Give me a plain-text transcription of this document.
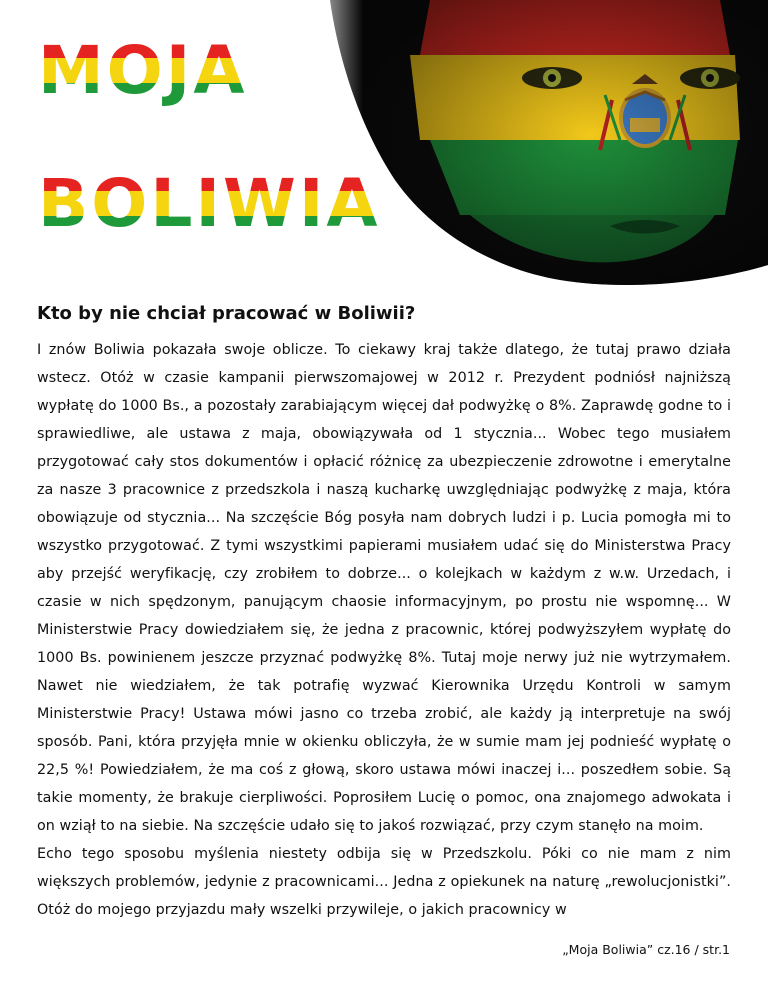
MOJA
BOLIWIA
Kto by nie chciał pracować w Boliwii?

I znów Boliwia pokazała swoje oblicze. To ciekawy kraj także dlatego, że tutaj prawo działa wstecz. Otóż w czasie kampanii pierwszomajowej w 2012 r. Prezydent podniósł najniższą wypłatę do 1000 Bs., a pozostały zarabiającym więcej dał podwyżkę o 8%. Zaprawdę godne to i sprawiedliwe, ale ustawa z maja, obowiązywała od 1 stycznia... Wobec tego musiałem przygotować cały stos dokumentów i opłacić różnicę za ubezpieczenie zdrowotne i emerytalne za nasze 3 pracownice z przedszkola i naszą kucharkę uwzględniając podwyżkę z maja, która obowiązuje od stycznia... Na szczęście Bóg posyła nam dobrych ludzi i p. Lucia pomogła mi to wszystko przygotować. Z tymi wszystkimi papierami musiałem udać się do Ministerstwa Pracy aby przejść weryfikację, czy zrobiłem to dobrze... o kolejkach w każdym z w.w. Urzedach, i czasie w nich spędzonym, panującym chaosie informacyjnym, po prostu nie wspomnę... W Ministerstwie Pracy dowiedziałem się, że jedna z pracownic, której podwyższyłem wypłatę do 1000 Bs. powinienem jeszcze przyznać podwyżkę 8%. Tutaj moje nerwy już nie wytrzymałem. Nawet nie wiedziałem, że tak potrafię wyzwać Kierownika Urzędu Kontroli w samym Ministerstwie Pracy! Ustawa mówi jasno co trzeba zrobić, ale każdy ją interpretuje na swój sposób. Pani, która przyjęła mnie w okienku obliczyła, że w sumie mam jej podnieść wypłatę o 22,5 %! Powiedziałem, że ma coś z głową, skoro ustawa mówi inaczej i... poszedłem sobie. Są takie momenty, że brakuje cierpliwości. Poprosiłem Lucię o pomoc, ona znajomego adwokata i on wziął to na siebie. Na szczęście udało się to jakoś rozwiązać, przy czym stanęło na moim.

Echo tego sposobu myślenia niestety odbija się w Przedszkolu. Póki co nie mam z nim większych problemów, jedynie z pracownicami... Jedna z opiekunek na naturę „rewolucjonistki”. Otóż do mojego przyjazdu mały wszelki przywileje, o jakich pracownicy w

„Moja Boliwia” cz.16 / str.1
